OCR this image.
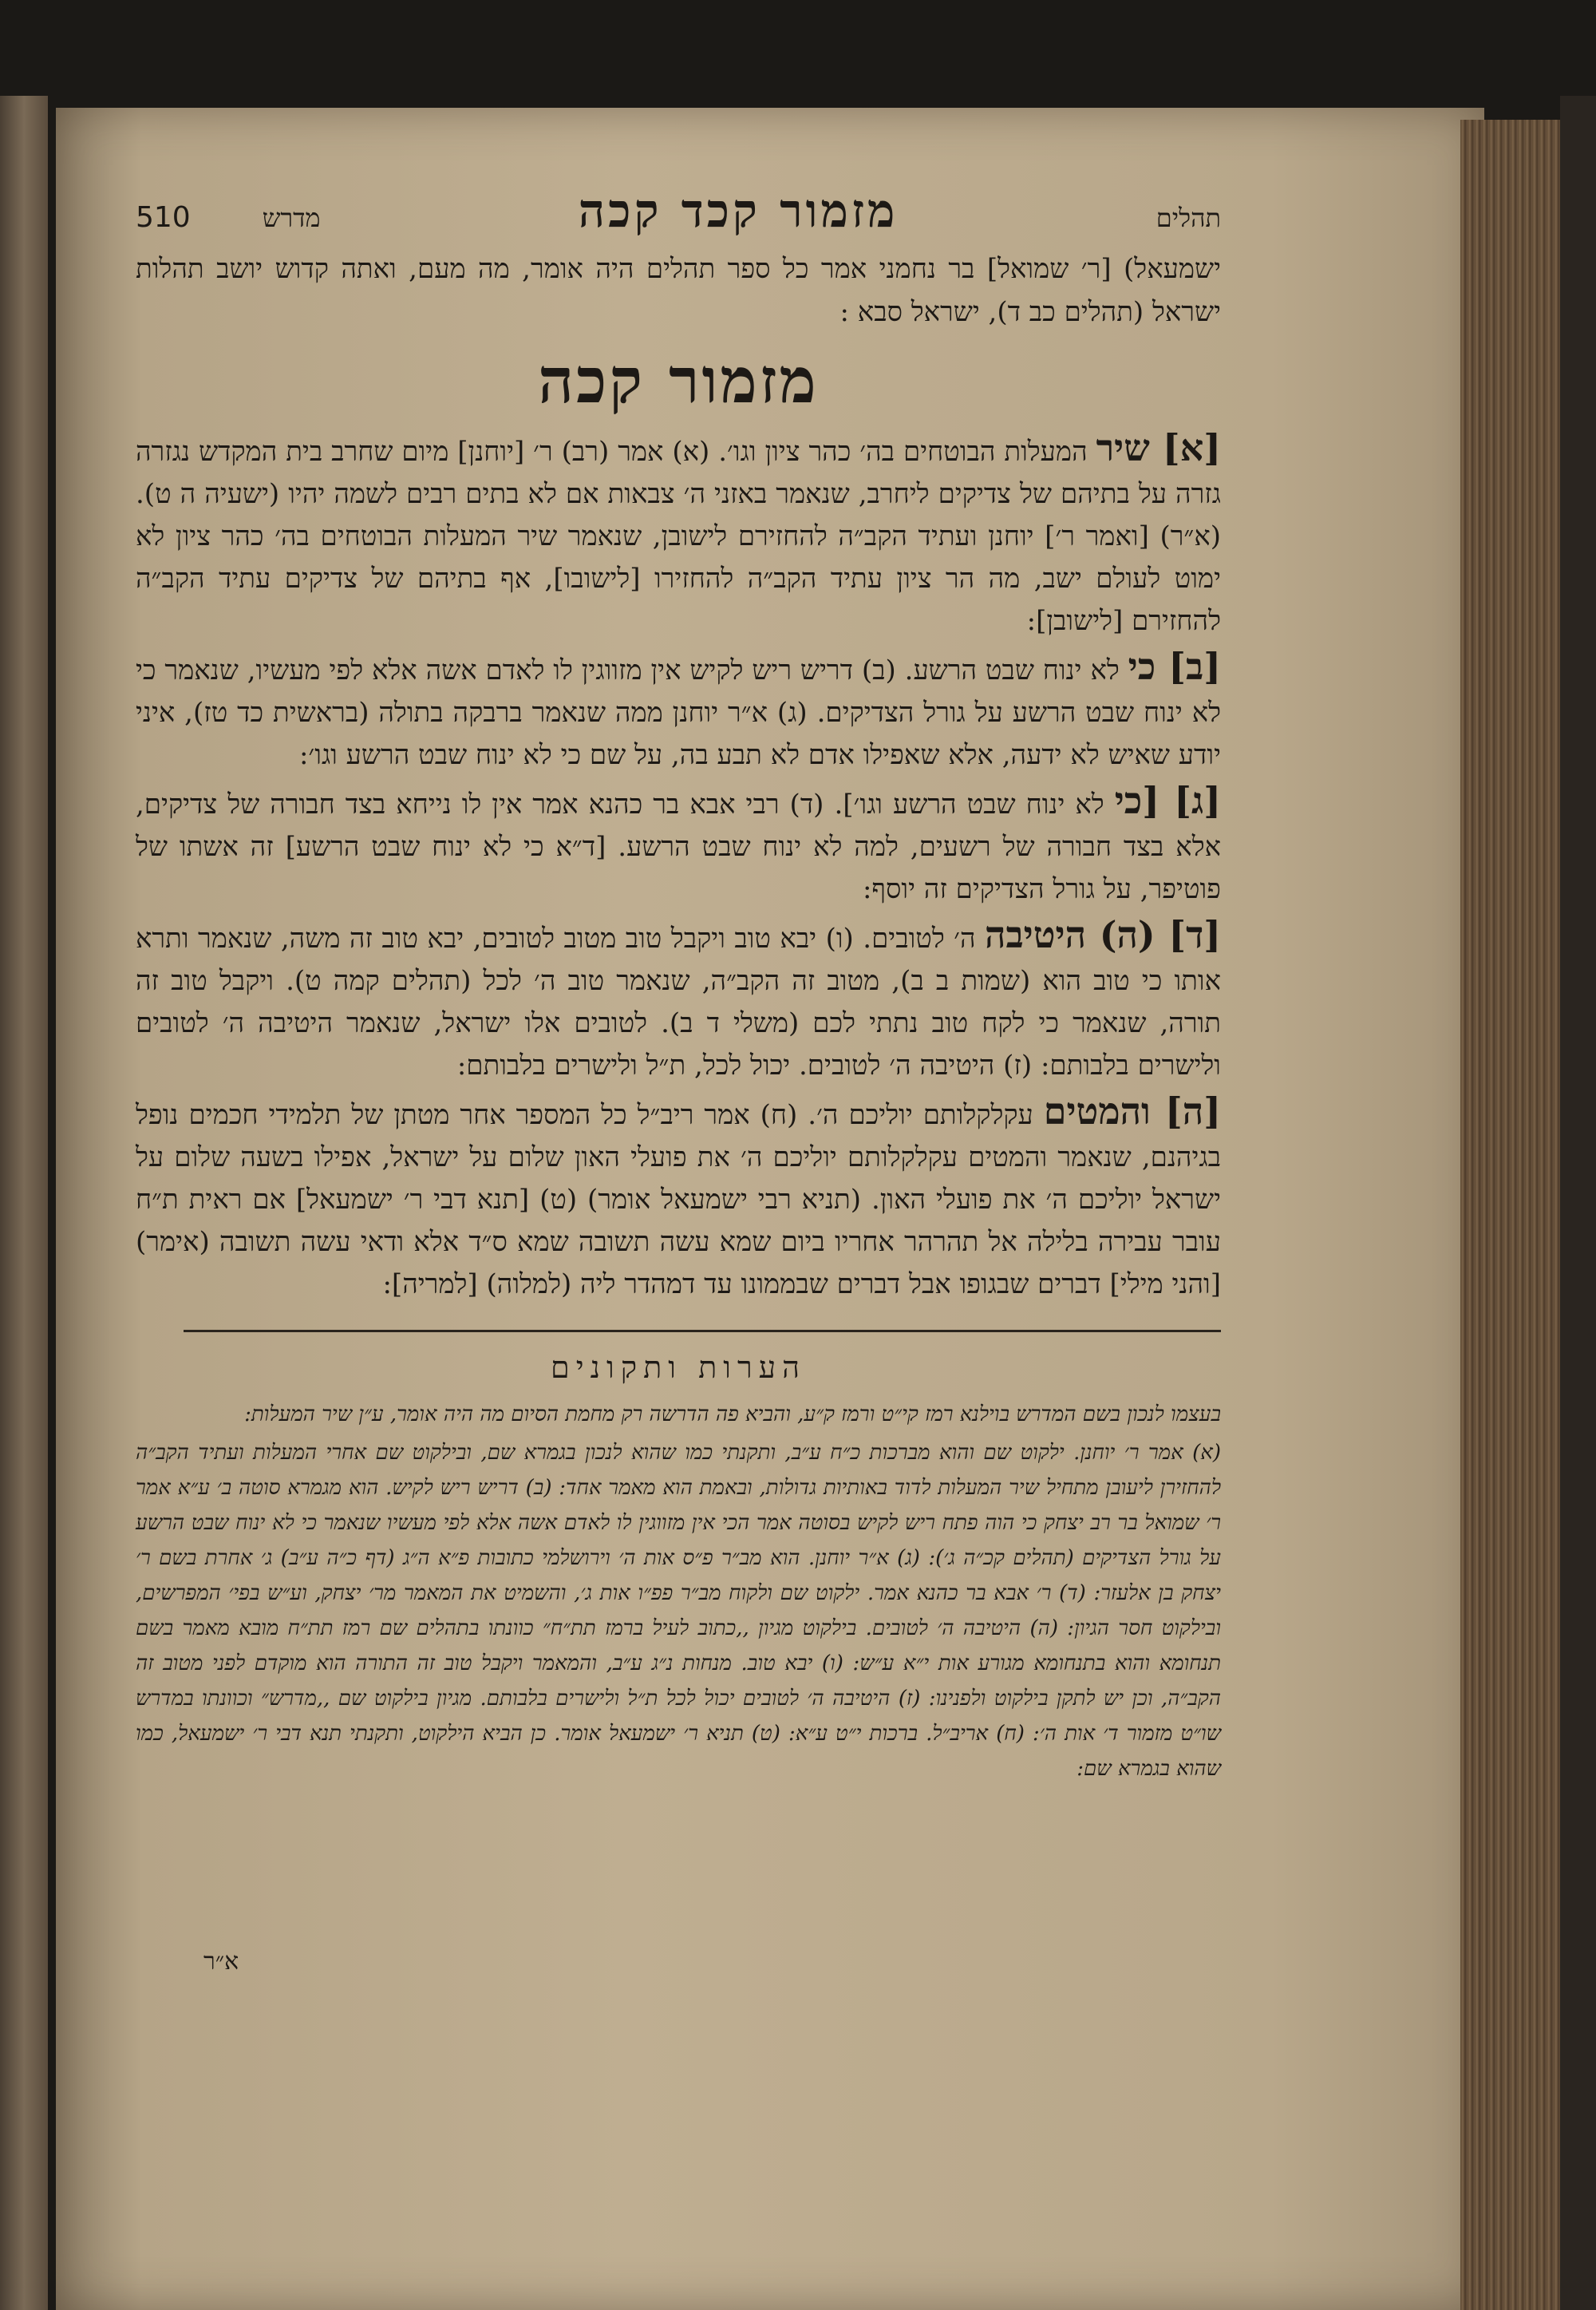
510	מדרש	מזמור קכד קכה	תהלים

ישמעאל) [ר׳ שמואל] בר נחמני אמר כל ספר תהלים היה אומר, מה מעם, ואתה קדוש יושב תהלות ישראל (תהלים כב ד), ישראל סבא :

מזמור קכה

[א] שיר המעלות הבוטחים בה׳ כהר ציון וגו׳. (א) אמר (רב) ר׳ [יוחנן] מיום שחרב בית המקדש נגזרה גזרה על בתיהם של צדיקים ליחרב, שנאמר באזני ה׳ צבאות אם לא בתים רבים לשמה יהיו (ישעיה ה ט). (א״ר) [ואמר ר׳] יוחנן ועתיד הקב״ה להחזירם לישובן, שנאמר שיר המעלות הבוטחים בה׳ כהר ציון לא ימוט לעולם ישב, מה הר ציון עתיד הקב״ה להחזירו [לישובו], אף בתיהם של צדיקים עתיד הקב״ה להחזירם [לישובן]:

[ב] כי לא ינוח שבט הרשע. (ב) דריש ריש לקיש אין מזווגין לו לאדם אשה אלא לפי מעשיו, שנאמר כי לא ינוח שבט הרשע על גורל הצדיקים. (ג) א״ר יוחנן ממה שנאמר ברבקה בתולה (בראשית כד טז), איני יודע שאיש לא ידעה, אלא שאפילו אדם לא תבע בה, על שם כי לא ינוח שבט הרשע וגו׳:

[ג] [כי לא ינוח שבט הרשע וגו׳]. (ד) רבי אבא בר כהנא אמר אין לו נייחא בצד חבורה של צדיקים, אלא בצד חבורה של רשעים, למה לא ינוח שבט הרשע. [ד״א כי לא ינוח שבט הרשע] זה אשתו של פוטיפר, על גורל הצדיקים זה יוסף:

[ד] (ה) היטיבה ה׳ לטובים. (ו) יבא טוב ויקבל טוב מטוב לטובים, יבא טוב זה משה, שנאמר ותרא אותו כי טוב הוא (שמות ב ב), מטוב זה הקב״ה, שנאמר טוב ה׳ לכל (תהלים קמה ט). ויקבל טוב זה תורה, שנאמר כי לקח טוב נתתי לכם (משלי ד ב). לטובים אלו ישראל, שנאמר היטיבה ה׳ לטובים ולישרים בלבותם: (ז) היטיבה ה׳ לטובים. יכול לכל, ת״ל ולישרים בלבותם:

[ה] והמטים עקלקלותם יוליכם ה׳. (ח) אמר ריב״ל כל המספר אחר מטתן של תלמידי חכמים נופל בגיהנם, שנאמר והמטים עקלקלותם יוליכם ה׳ את פועלי האון שלום על ישראל, אפילו בשעה שלום על ישראל יוליכם ה׳ את פועלי האון. (תניא רבי ישמעאל אומר) (ט) [תנא דבי ר׳ ישמעאל] אם ראית ת״ח עובר עבירה בלילה אל תהרהר אחריו ביום שמא עשה תשובה שמא ס״ד אלא ודאי עשה תשובה (אימר) [והני מילי] דברים שבגופו אבל דברים שבממונו עד דמהדר ליה (למלוה) [למריה]:

הערות ותקונים

בעצמו לנכון בשם המדרש בוילנא רמז קי״ט ורמז ק״ע, והביא פה הדרשה רק מחמת הסיום מה היה אומר, ע״ן שיר המעלות:

(א) אמר ר׳ יוחנן. ילקוט שם והוא מברכות כ״ח ע״ב, ותקנתי כמו שהוא לנכון בגמרא שם, ובילקוט שם אחרי המעלות ועתיד הקב״ה להחזירן ליעובן מתחיל שיר המעלות לדוד באותיות גדולות, ובאמת הוא מאמר אחד: (ב) דריש ריש לקיש. הוא מגמרא סוטה ב׳ ע״א אמר ר׳ שמואל בר רב יצחק כי הוה פתח ריש לקיש בסוטה אמר הכי אין מזווגין לו לאדם אשה אלא לפי מעשיו שנאמר כי לא ינוח שבט הרשע על גורל הצדיקים (תהלים קכ״ה ג׳): (ג) א״ר יוחנן. הוא מב״ר פ״ס אות ה׳ וירושלמי כתובות פ״א ה״ג (דף כ״ה ע״ב) ג׳ אחרת בשם ר׳ יצחק בן אלעזר: (ד) ר׳ אבא בר כהנא אמר. ילקוט שם ולקוח מב״ר פפ״ו אות ג׳, והשמיט את המאמר מר׳ יצחק, וע״ש בפי׳ המפרשים, ובילקוט חסר הגיון: (ה) היטיבה ה׳ לטובים. בילקוט מגיון ,,כתוב לעיל ברמז תת״ח״ כוונתו בתהלים שם רמז תת״ח מובא מאמר בשם תנחומא והוא בתנחומא מגורע אות י״א ע״ש: (ו) יבא טוב. מנחות נ״ג ע״ב, והמאמר ויקבל טוב זה התורה הוא מוקדם לפני מטוב זה הקב״ה, וכן יש לתקן בילקוט ולפנינו: (ז) היטיבה ה׳ לטובים יכול לכל ת״ל ולישרים בלבותם. מגיון בילקוט שם ,,מדרש״ וכוונתו במדרש שו״ט מזמור ד׳ אות ה׳: (ח) אריב״ל. ברכות י״ט ע״א: (ט) תניא ר׳ ישמעאל אומר. כן הביא הילקוט, ותקנתי תנא דבי ר׳ ישמעאל, כמו שהוא בגמרא שם:

א״ר
